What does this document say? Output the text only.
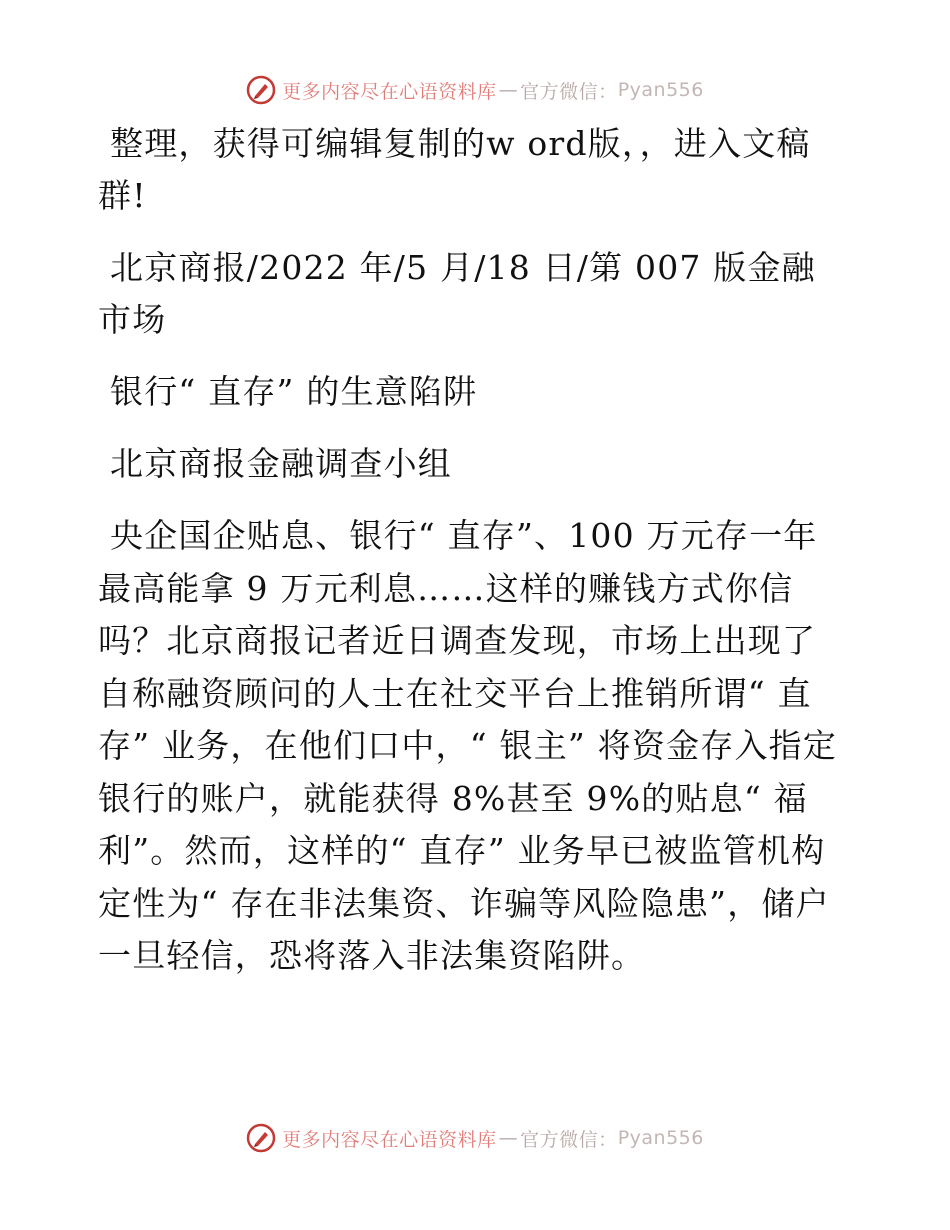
更多内容尽在心语资料库 — 官方微信： Pyan556

整理，获得可编辑复制的w ord版，，进入文稿群!

北京商报/2022 年/5 月/18 日/第 007 版金融市场

银行“ 直存” 的生意陷阱

北京商报金融调查小组

央企国企贴息、银行“ 直存”、100 万元存一年最高能拿 9 万元利息……这样的赚钱方式你信吗？北京商报记者近日调查发现，市场上出现了自称融资顾问的人士在社交平台上推销所谓“ 直存” 业务，在他们口中，“ 银主” 将资金存入指定银行的账户，就能获得 8%甚至 9%的贴息“ 福利”。然而，这样的“ 直存” 业务早已被监管机构定性为“ 存在非法集资、诈骗等风险隐患”，储户一旦轻信，恐将落入非法集资陷阱。

更多内容尽在心语资料库 — 官方微信： Pyan556
